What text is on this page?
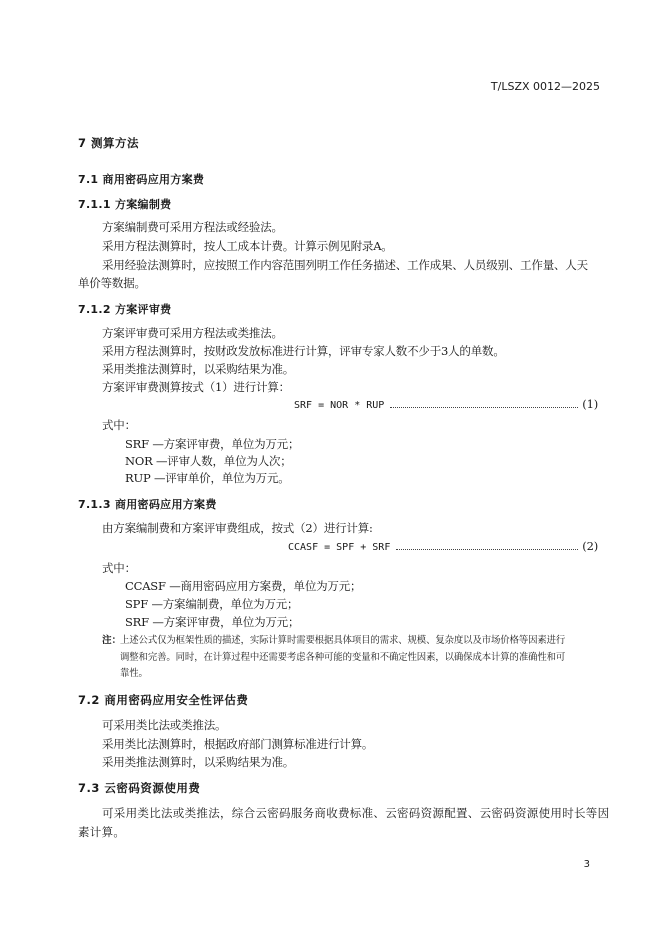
T/LSZX 0012—2025
7 测算方法
7.1 商用密码应用方案费
7.1.1 方案编制费
方案编制费可采用方程法或经验法。
采用方程法测算时，按人工成本计费。计算示例见附录A。
采用经验法测算时，应按照工作内容范围列明工作任务描述、工作成果、人员级别、工作量、人天
单价等数据。
7.1.2 方案评审费
方案评审费可采用方程法或类推法。
采用方程法测算时，按财政发放标准进行计算，评审专家人数不少于3人的单数。
采用类推法测算时，以采购结果为准。
方案评审费测算按式（1）进行计算：
SRF = NOR * RUP	(1)
式中：
SRF —方案评审费，单位为万元；
NOR —评审人数，单位为人次；
RUP —评审单价，单位为万元。
7.1.3 商用密码应用方案费
由方案编制费和方案评审费组成，按式（2）进行计算:
CCASF = SPF + SRF	(2)
式中：
CCASF —商用密码应用方案费，单位为万元；
SPF —方案编制费，单位为万元；
SRF —方案评审费，单位为万元；
注：
上述公式仅为框架性质的描述，实际计算时需要根据具体项目的需求、规模、复杂度以及市场价格等因素进行
调整和完善。同时，在计算过程中还需要考虑各种可能的变量和不确定性因素，以确保成本计算的准确性和可
靠性。
7.2 商用密码应用安全性评估费
可采用类比法或类推法。
采用类比法测算时，根据政府部门测算标准进行计算。
采用类推法测算时，以采购结果为准。
7.3 云密码资源使用费
可采用类比法或类推法，综合云密码服务商收费标准、云密码资源配置、云密码资源使用时长等因
素计算。
3
